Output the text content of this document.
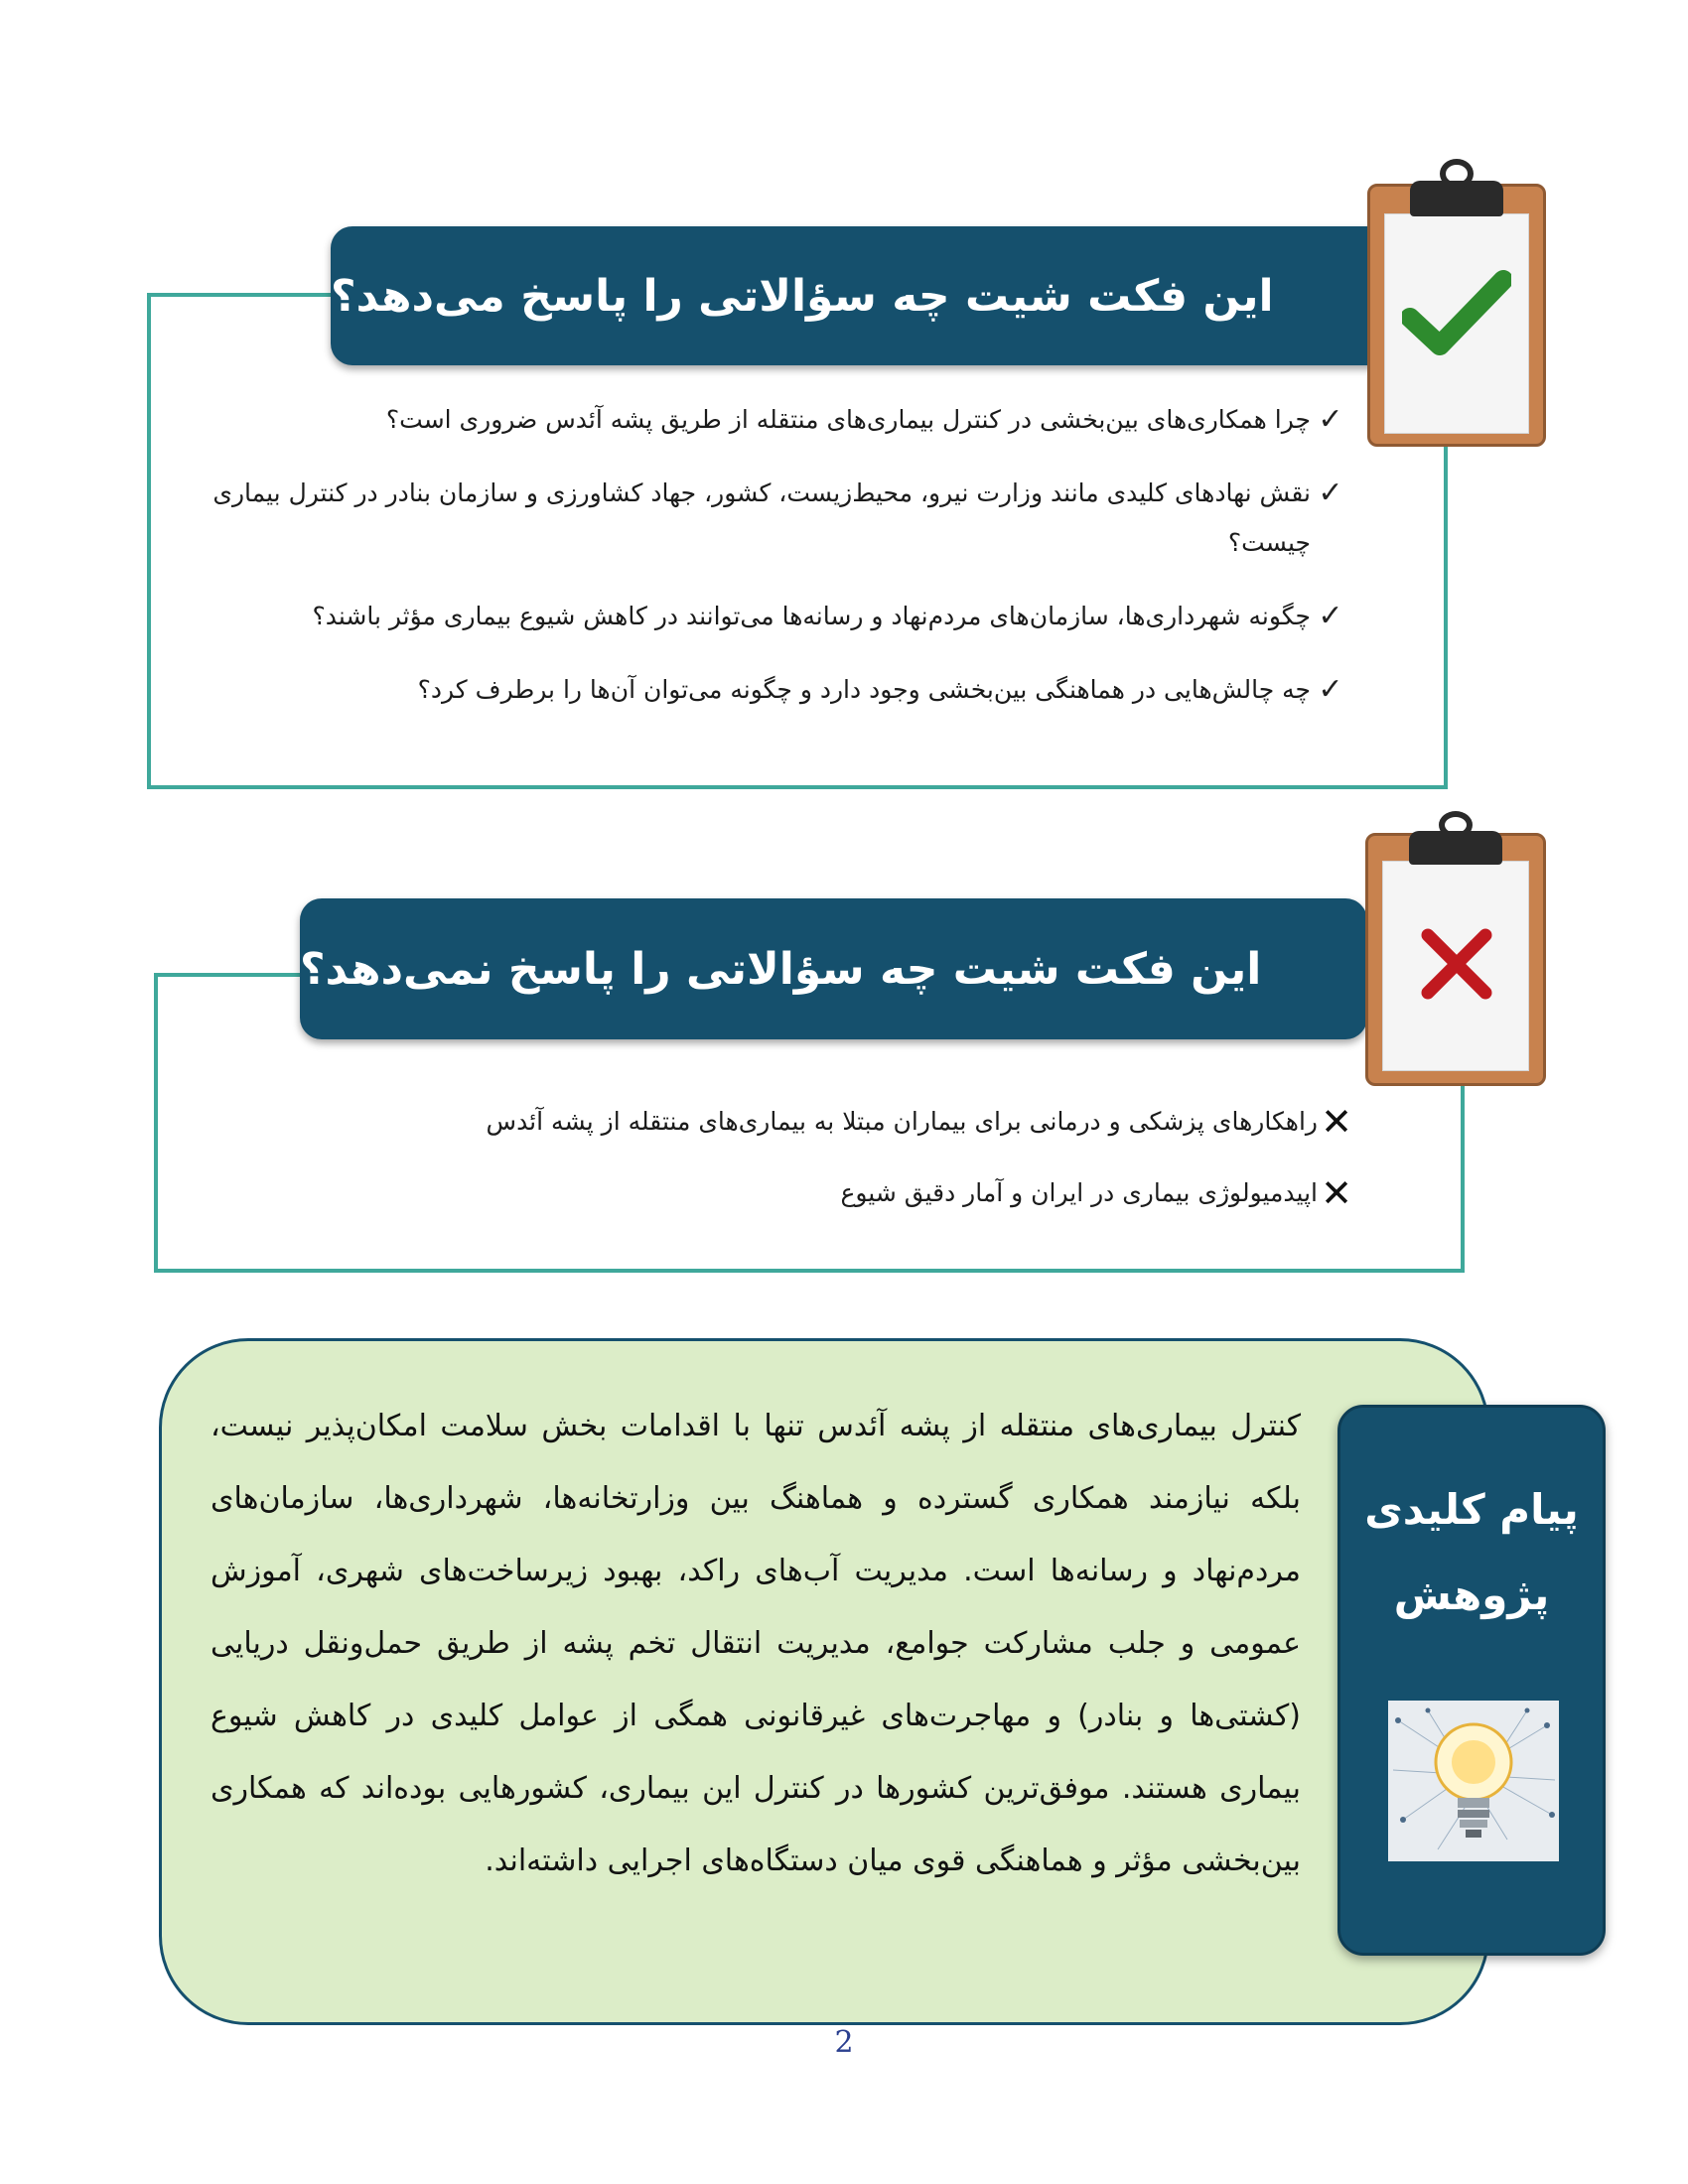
این فکت شیت چه سؤالاتی را پاسخ می‌دهد؟
✓
چرا همکاری‌های بین‌بخشی در کنترل بیماری‌های منتقله از طریق پشه آئدس ضروری است؟
✓
نقش نهادهای کلیدی مانند وزارت نیرو، محیط‌زیست، کشور، جهاد کشاورزی و سازمان بنادر در کنترل بیماری چیست؟
✓
چگونه شهرداری‌ها، سازمان‌های مردم‌نهاد و رسانه‌ها می‌توانند در کاهش شیوع بیماری مؤثر باشند؟
✓
چه چالش‌هایی در هماهنگی بین‌بخشی وجود دارد و چگونه می‌توان آن‌ها را برطرف کرد؟
این فکت شیت چه سؤالاتی را پاسخ نمی‌دهد؟
✕
راهکارهای پزشکی و درمانی برای بیماران مبتلا به بیماری‌های منتقله از پشه آئدس
✕
اپیدمیولوژی بیماری در ایران و آمار دقیق شیوع
کنترل بیماری‌های منتقله از پشه آئدس تنها با اقدامات بخش سلامت امکان‌پذیر نیست، بلکه نیازمند همکاری گسترده و هماهنگ بین وزارتخانه‌ها، شهرداری‌ها، سازمان‌های مردم‌نهاد و رسانه‌ها است. مدیریت آب‌های راکد، بهبود زیرساخت‌های شهری، آموزش عمومی و جلب مشارکت جوامع، مدیریت انتقال تخم پشه از طریق حمل‌ونقل دریایی (کشتی‌ها و بنادر) و مهاجرت‌های غیرقانونی همگی از عوامل کلیدی در کاهش شیوع بیماری هستند. موفق‌ترین کشورها در کنترل این بیماری، کشورهایی بوده‌اند که همکاری بین‌بخشی مؤثر و هماهنگی قوی میان دستگاه‌های اجرایی داشته‌اند.
پیام کلیدی
پژوهش
2
